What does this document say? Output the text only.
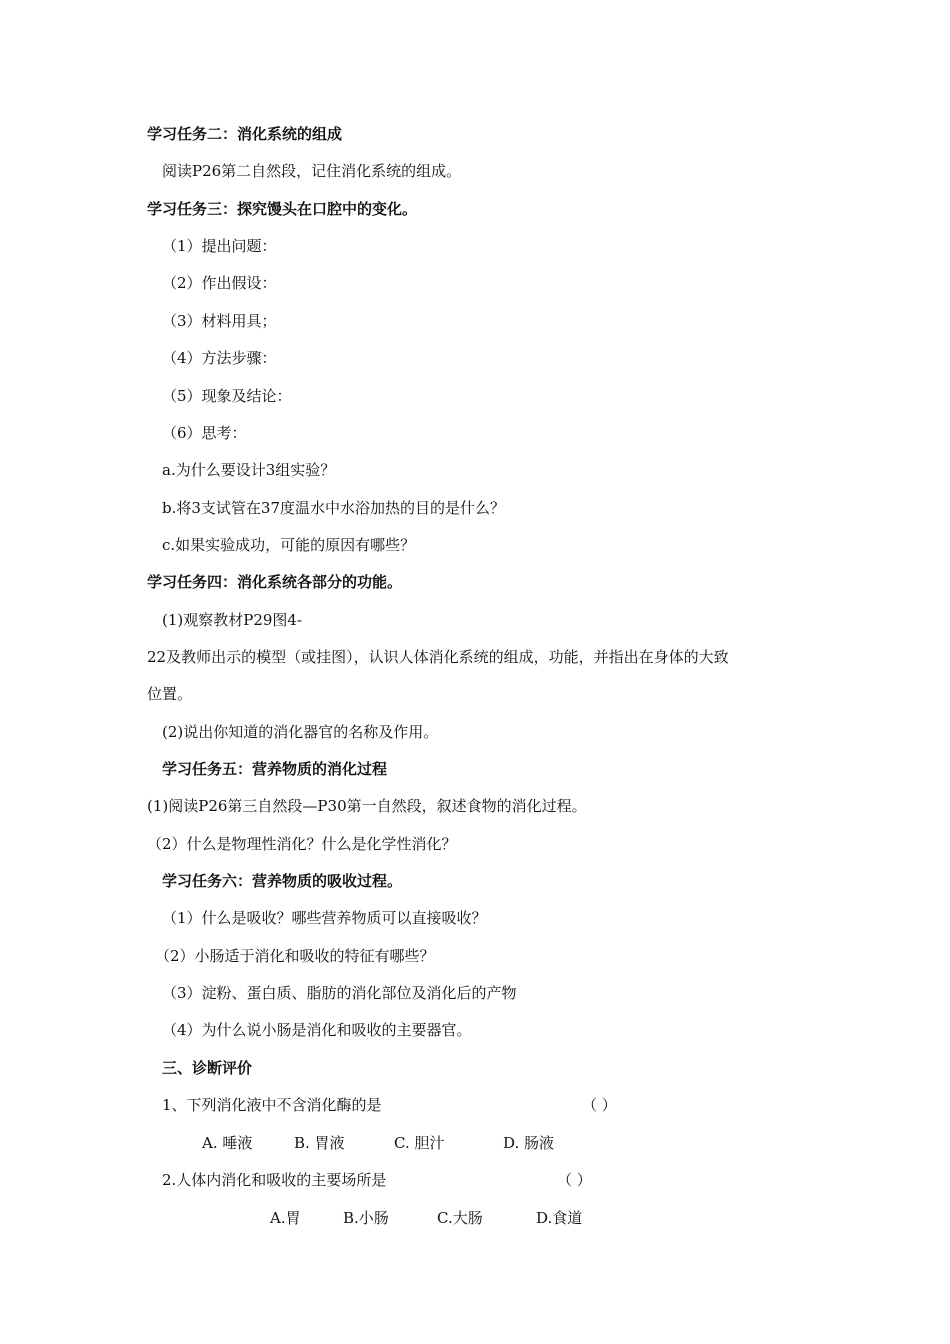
学习任务二：消化系统的组成
阅读P26第二自然段，记住消化系统的组成。
学习任务三：探究馒头在口腔中的变化。
（1）提出问题：
（2）作出假设：
（3）材料用具；
（4）方法步骤：
（5）现象及结论：
（6）思考：
a.为什么要设计3组实验？
b.将3支试管在37度温水中水浴加热的目的是什么？
c.如果实验成功，可能的原因有哪些？
学习任务四：消化系统各部分的功能。
(1)观察教材P29图4-
22及教师出示的模型（或挂图），认识人体消化系统的组成，功能，并指出在身体的大致
位置。
(2)说出你知道的消化器官的名称及作用。
学习任务五：营养物质的消化过程
(1)阅读P26第三自然段—P30第一自然段，叙述食物的消化过程。
（2）什么是物理性消化？什么是化学性消化？
学习任务六：营养物质的吸收过程。
（1）什么是吸收？哪些营养物质可以直接吸收？
（2）小肠适于消化和吸收的特征有哪些？
（3）淀粉、蛋白质、脂肪的消化部位及消化后的产物
（4）为什么说小肠是消化和吸收的主要器官。
三、诊断评价
1、下列消化液中不含消化酶的是	（ ）
A. 唾液	B. 胃液	C. 胆汁	D. 肠液
2.人体内消化和吸收的主要场所是	（ ）
A.胃	B.小肠	C.大肠	D.食道
